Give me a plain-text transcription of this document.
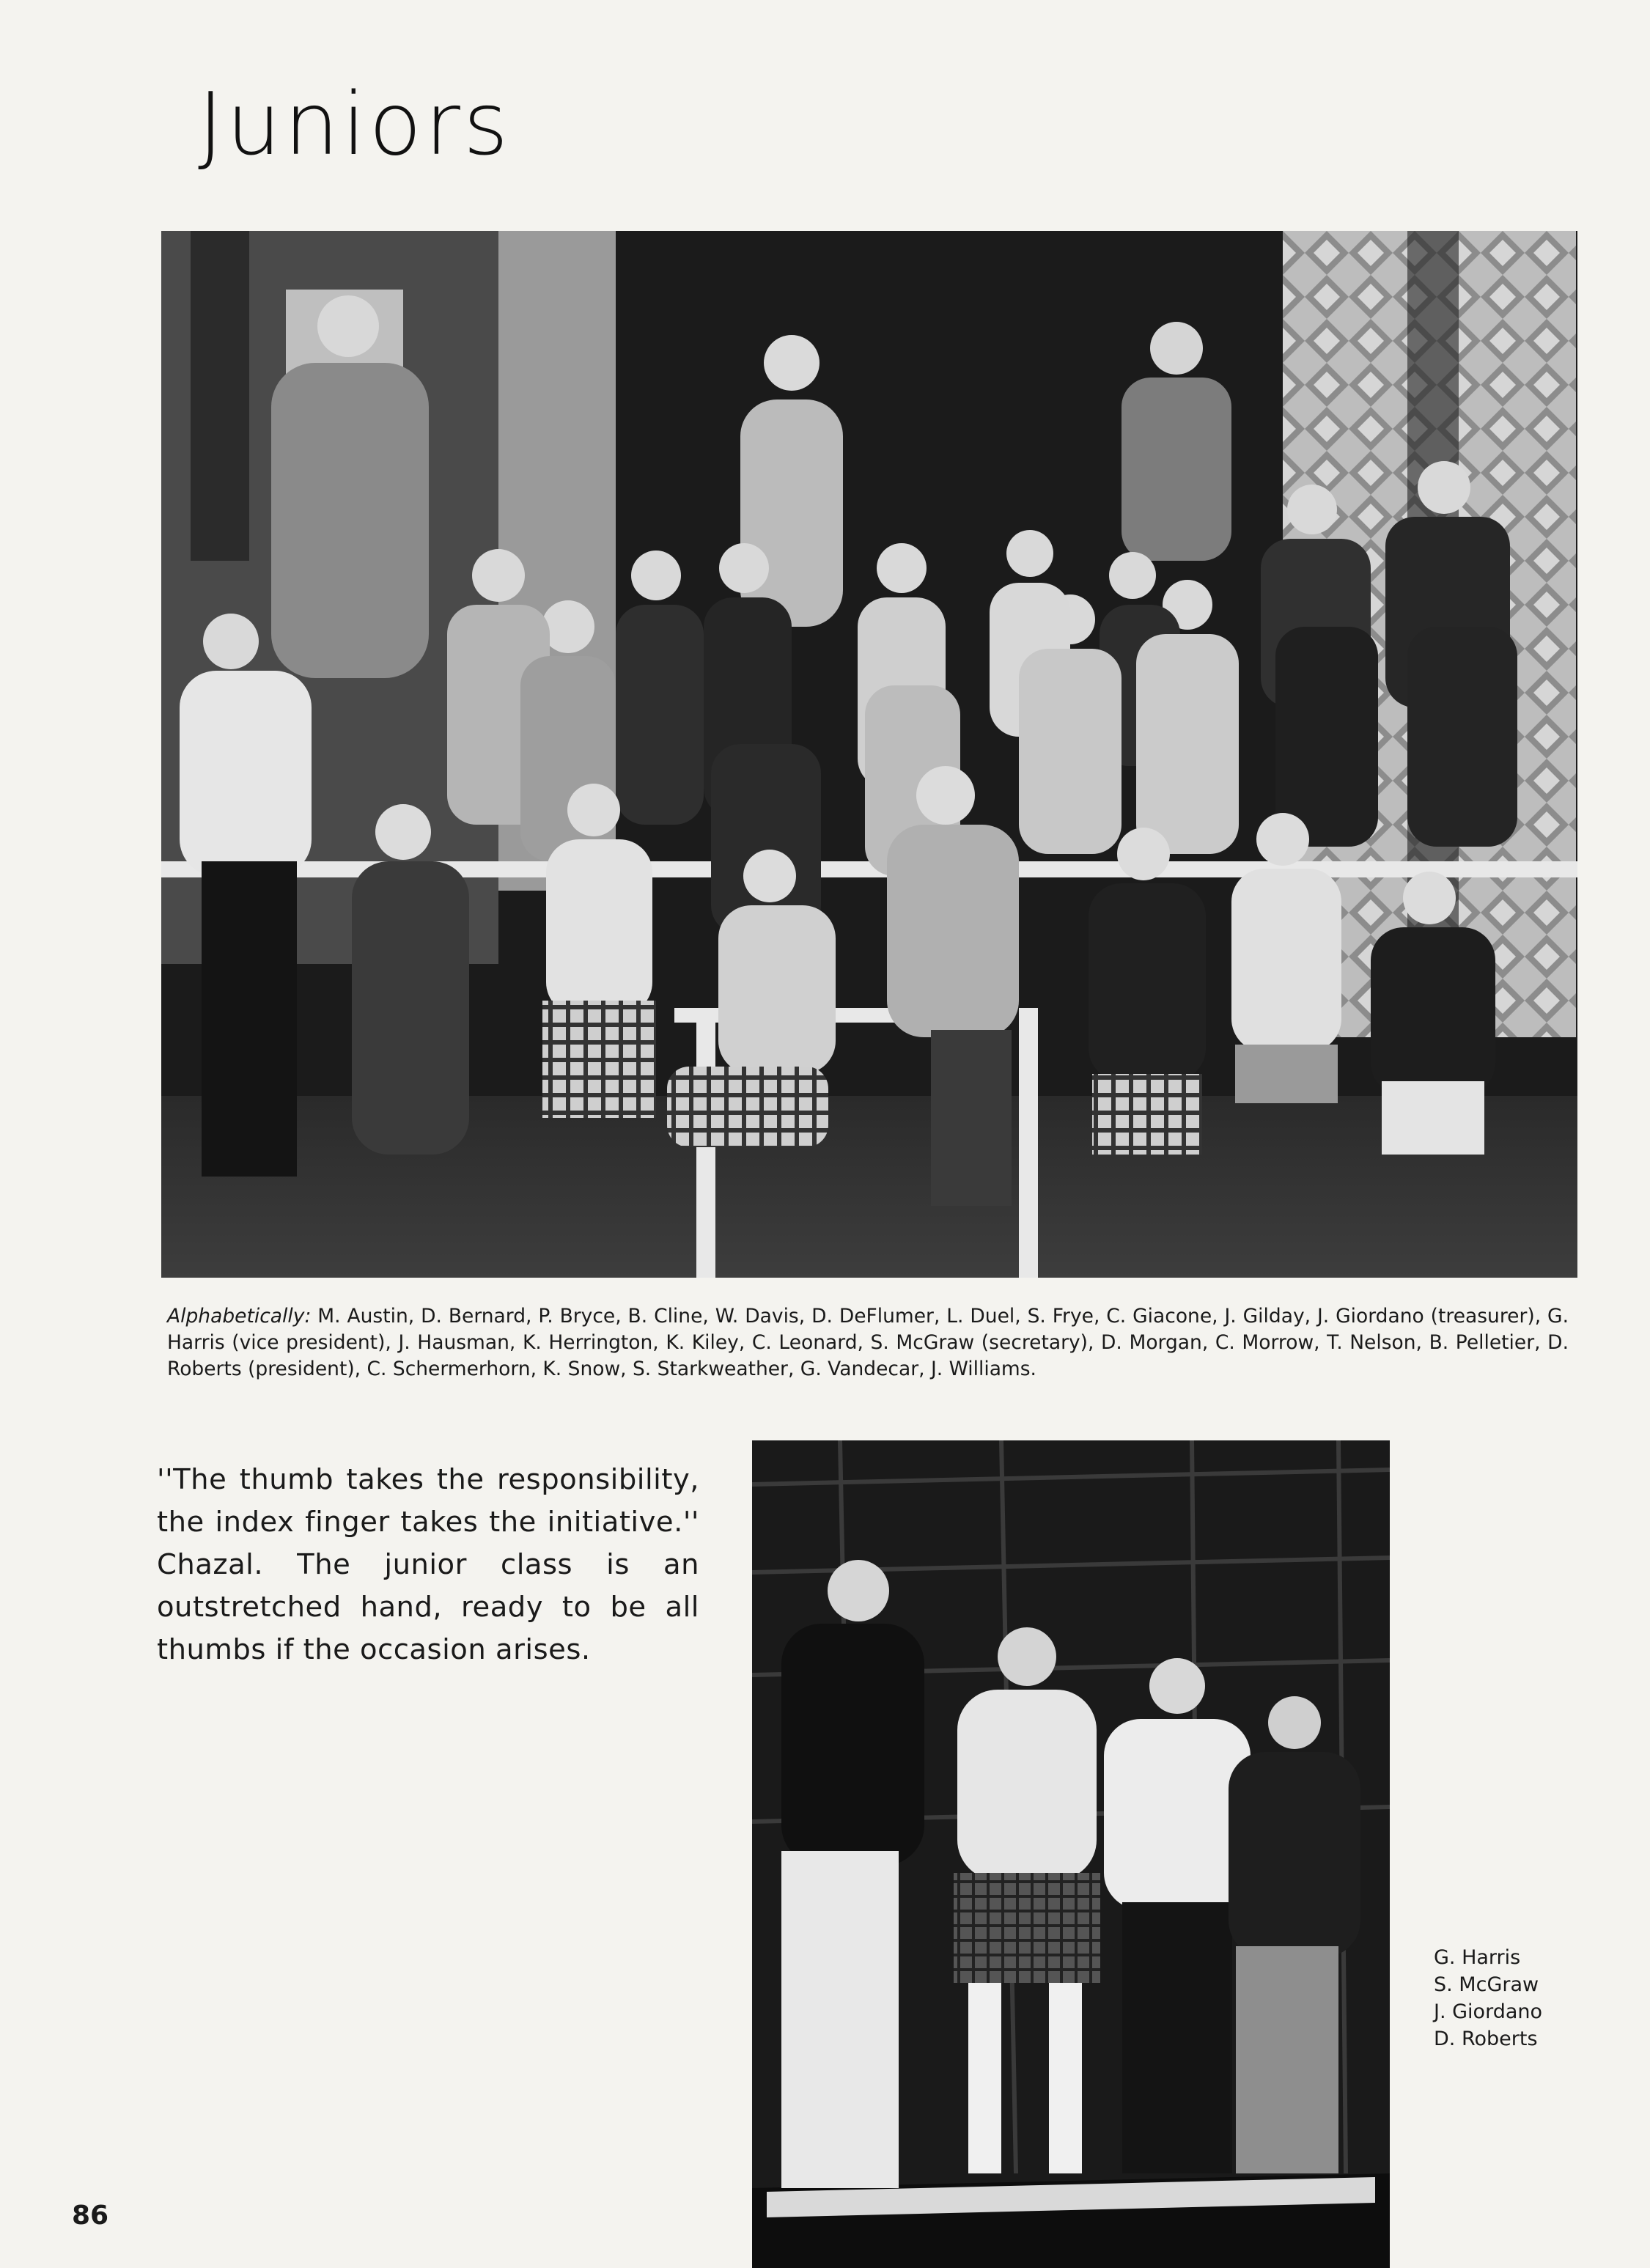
Juniors

Alphabetically: M. Austin, D. Bernard, P. Bryce, B. Cline, W. Davis, D. DeFlumer, L. Duel, S. Frye, C. Giacone, J. Gilday, J. Giordano (treasurer), G. Harris (vice president), J. Hausman, K. Herrington, K. Kiley, C. Leonard, S. McGraw (secretary), D. Morgan, C. Morrow, T. Nelson, B. Pelletier, D. Roberts (president), C. Schermerhorn, K. Snow, S. Starkweather, G. Vandecar, J. Williams.

''The thumb takes the responsibility, the index finger takes the initiative.'' Chazal. The junior class is an outstretched hand, ready to be all thumbs if the occasion arises.

G. Harris
S. McGraw
J. Giordano
D. Roberts

86
